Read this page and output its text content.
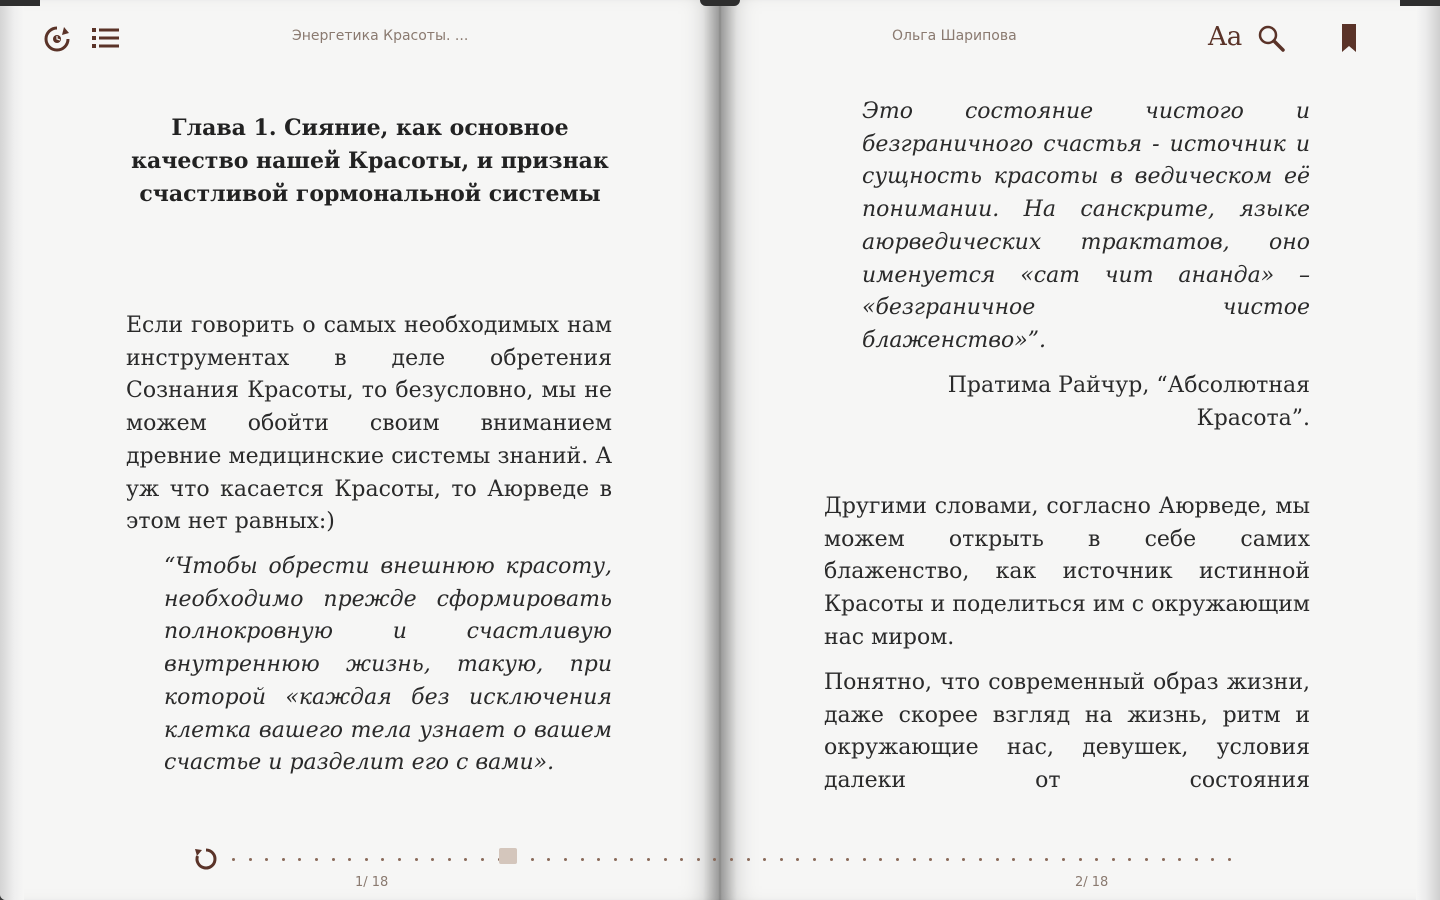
Энергетика Красоты. ...
Глава 1. Сияние, как основное качество нашей Красоты, и признак счастливой гормональной системы
Если говорить о самых необходимых нам инструментах в деле обретения Сознания Красоты, то безусловно, мы не можем обойти своим вниманием древние медицинские системы знаний. А уж что касается Красоты, то Аюрведе в этом нет равных:)
“Чтобы обрести внешнюю красоту, необходимо прежде сформировать полнокровную и счастливую внутреннюю жизнь, такую, при которой «каждая без исключения клетка вашего тела узнает о вашем счастье и разделит его с вами».
1/ 18
Ольга Шарипова	Aa
Это состояние чистого и безграничного счастья - источник и сущность красоты в ведическом её понимании. На санскрите, языке аюрведических трактатов, оно именуется «сат чит ананда» – «безграничное чистое блаженство»”.
Пратима Райчур, “Абсолютная Красота”.
Другими словами, согласно Аюрведе, мы можем открыть в себе самих блаженство, как источник истинной Красоты и поделиться им с окружающим нас миром.
Понятно, что современный образ жизни, даже скорее взгляд на жизнь, ритм и окружающие нас, девушек, условия далеки от состояния
2/ 18
